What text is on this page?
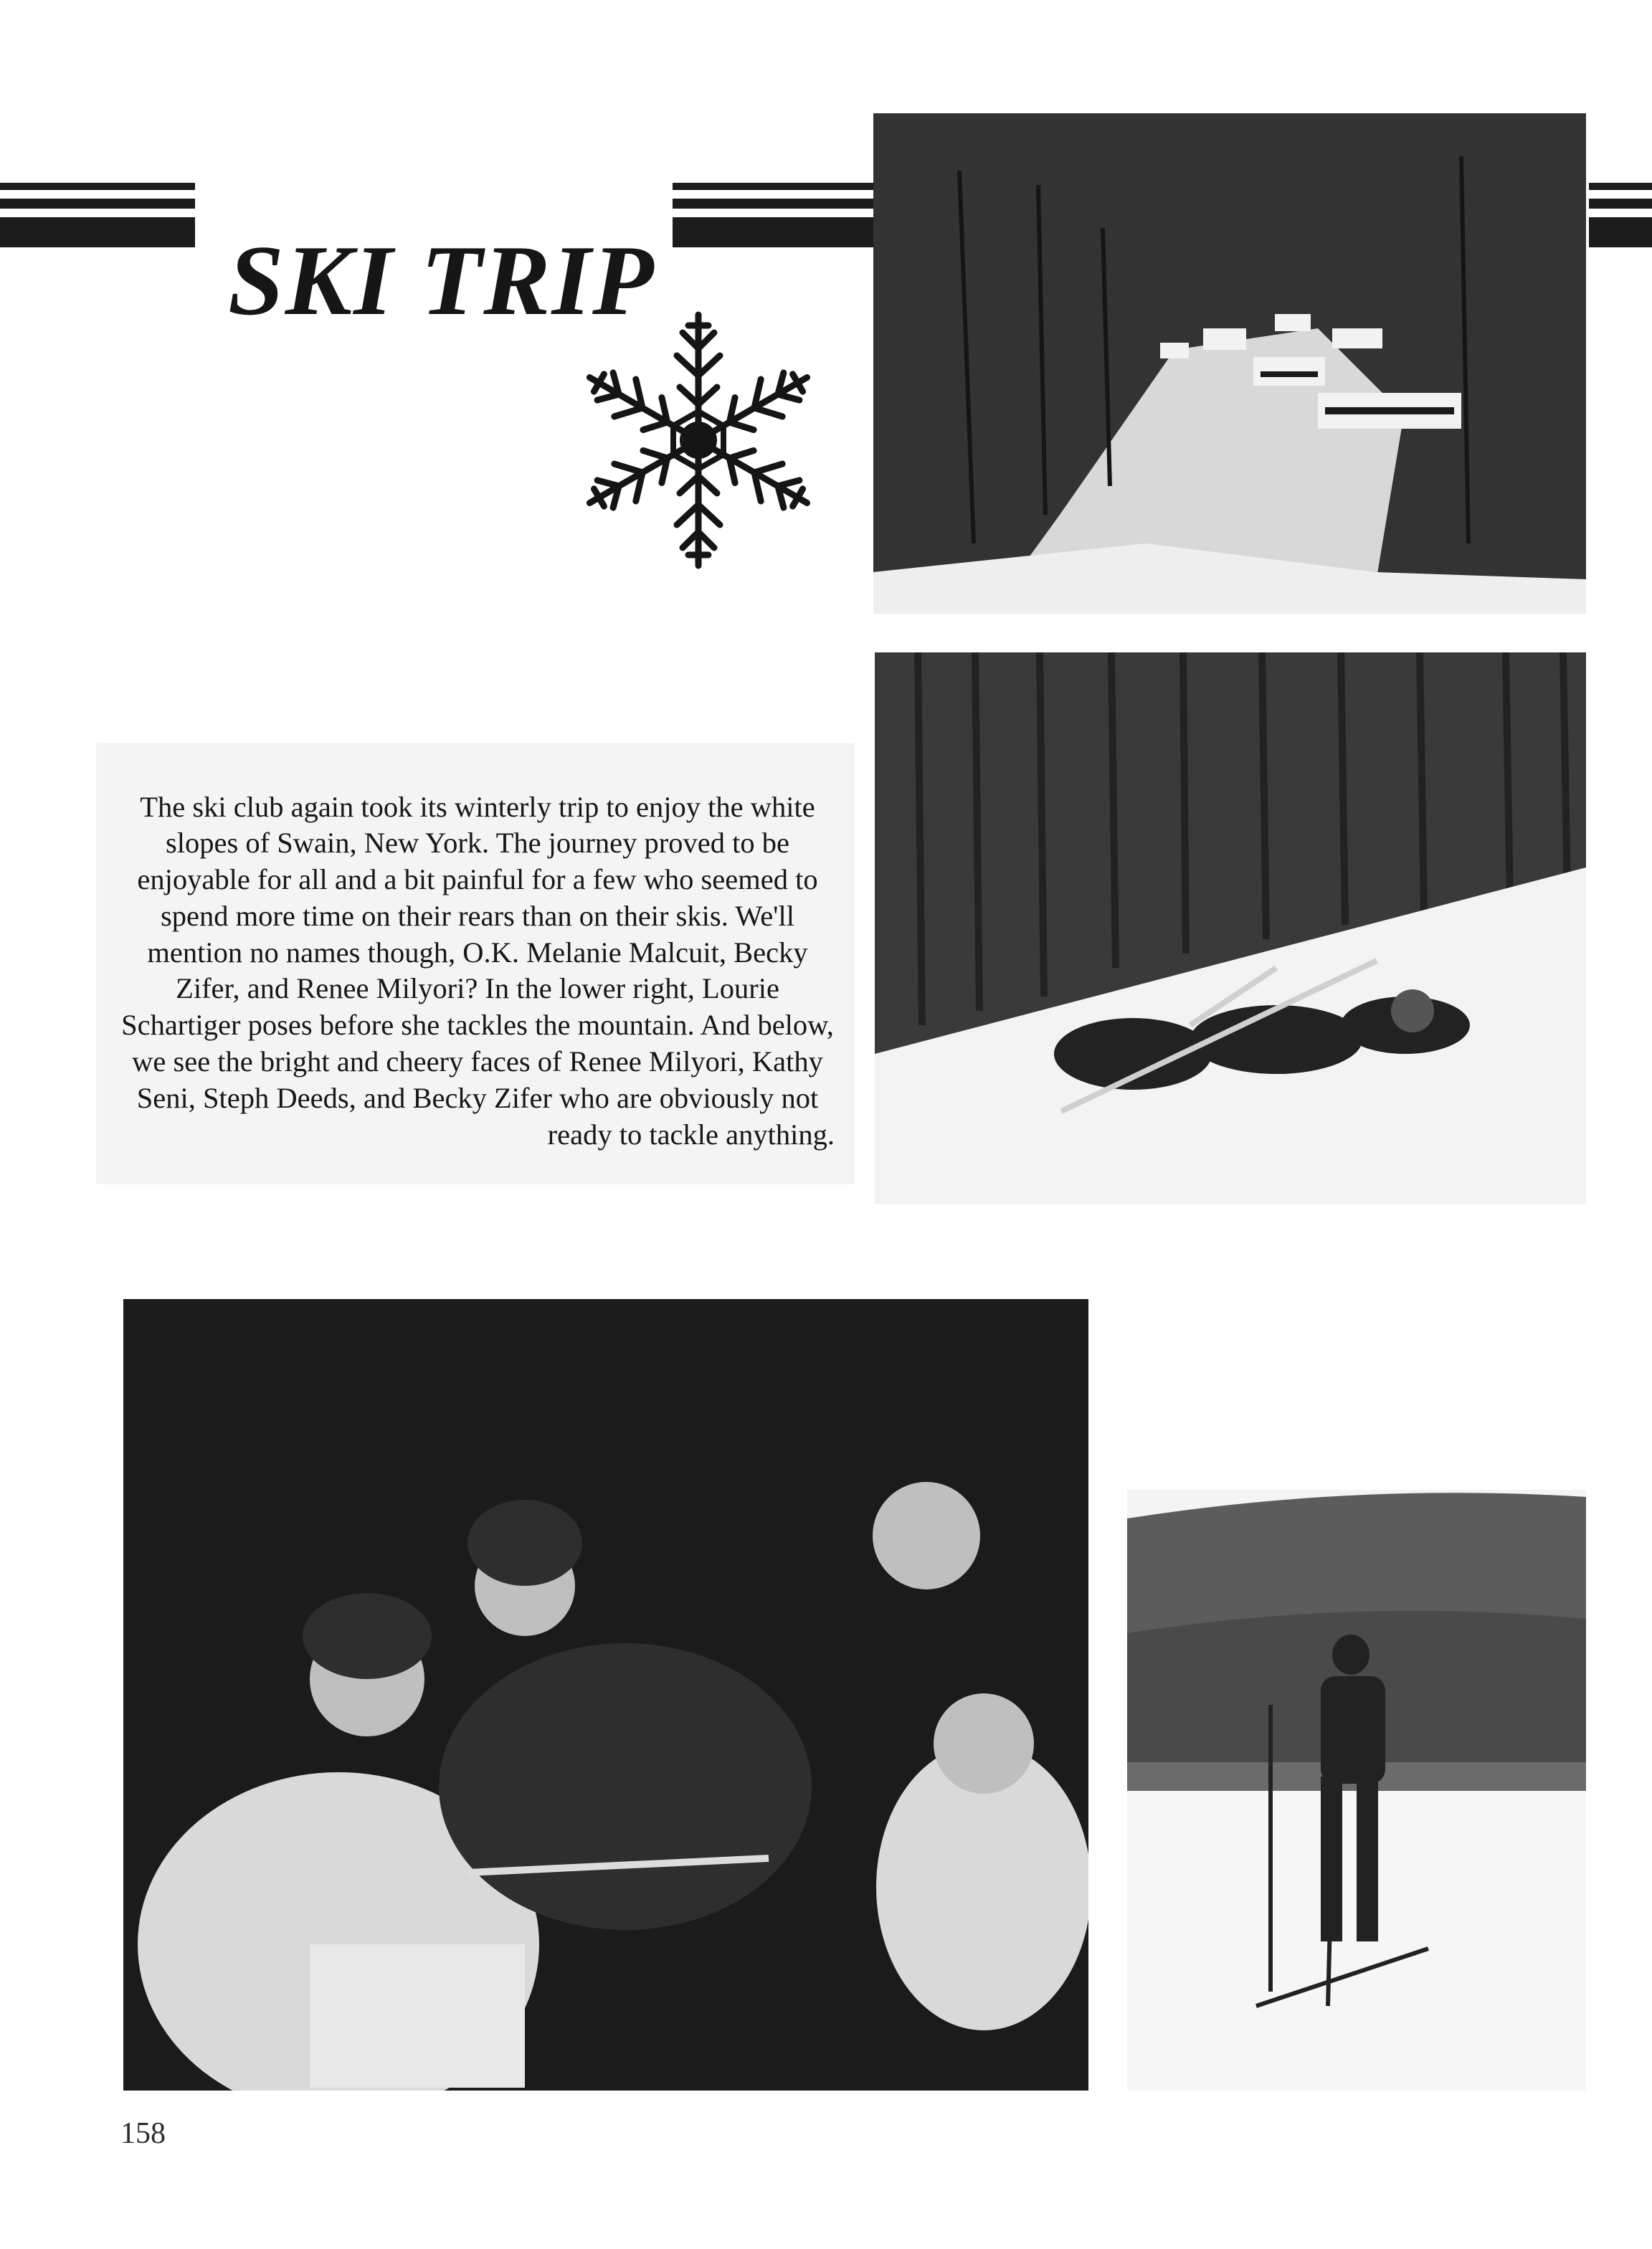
SKI TRIP

The ski club again took its winterly trip to enjoy the white slopes of Swain, New York. The journey proved to be enjoyable for all and a bit painful for a few who seemed to spend more time on their rears than on their skis. We'll mention no names though, O.K. Melanie Malcuit, Becky Zifer, and Renee Milyori? In the lower right, Lourie Schartiger poses before she tackles the mountain. And below, we see the bright and cheery faces of Renee Milyori, Kathy Seni, Steph Deeds, and Becky Zifer who are obviously not ready to tackle anything.

158
